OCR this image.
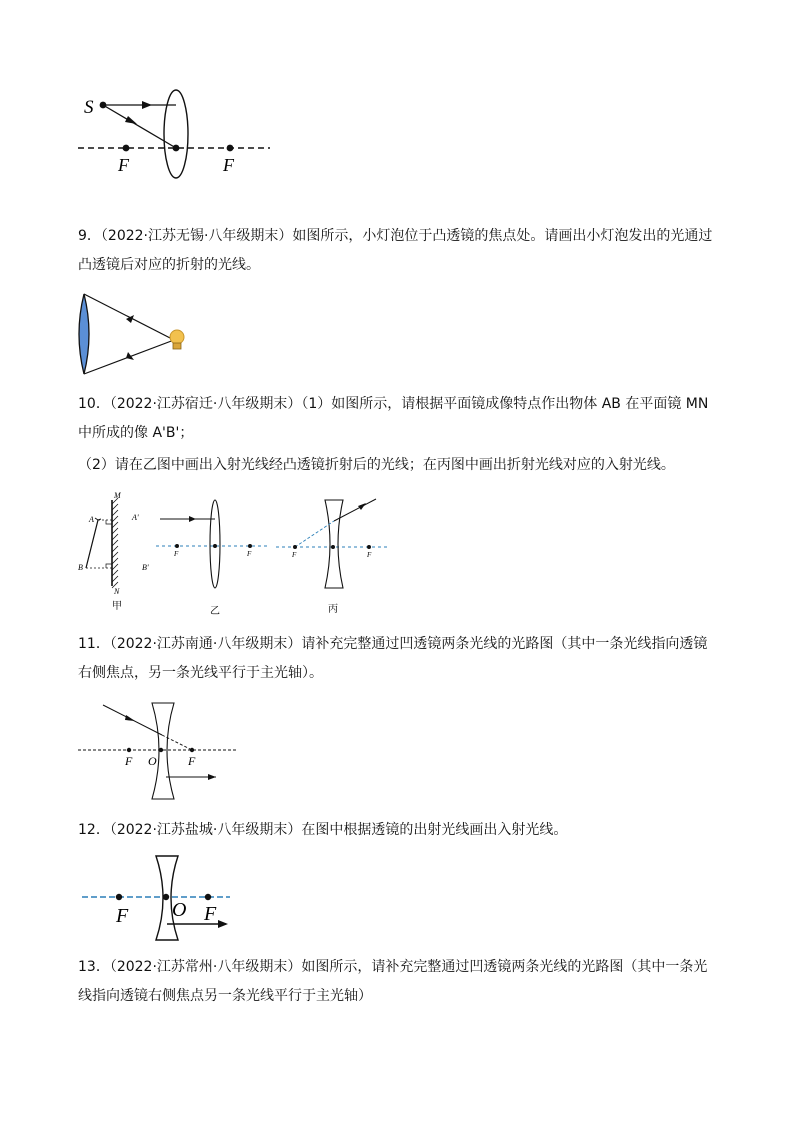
S
F	F

9．（2022·江苏无锡·八年级期末）如图所示，小灯泡位于凸透镜的焦点处。请画出小灯泡发出的光通过凸透镜后对应的折射的光线。

10．（2022·江苏宿迁·八年级期末）（1）如图所示，请根据平面镜成像特点作出物体 AB 在平面镜 MN 中所成的像 A'B'；

（2）请在乙图中画出入射光线经凸透镜折射后的光线；在丙图中画出折射光线对应的入射光线。

M
N
A
B
A'
B'
甲
F	F
乙
F	F
丙

11．（2022·江苏南通·八年级期末）请补充完整通过凹透镜两条光线的光路图（其中一条光线指向透镜右侧焦点，另一条光线平行于主光轴）。

F O	F

12．（2022·江苏盐城·八年级期末）在图中根据透镜的出射光线画出入射光线。

F O F

13．（2022·江苏常州·八年级期末）如图所示，请补充完整通过凹透镜两条光线的光路图（其中一条光线指向透镜右侧焦点另一条光线平行于主光轴）
